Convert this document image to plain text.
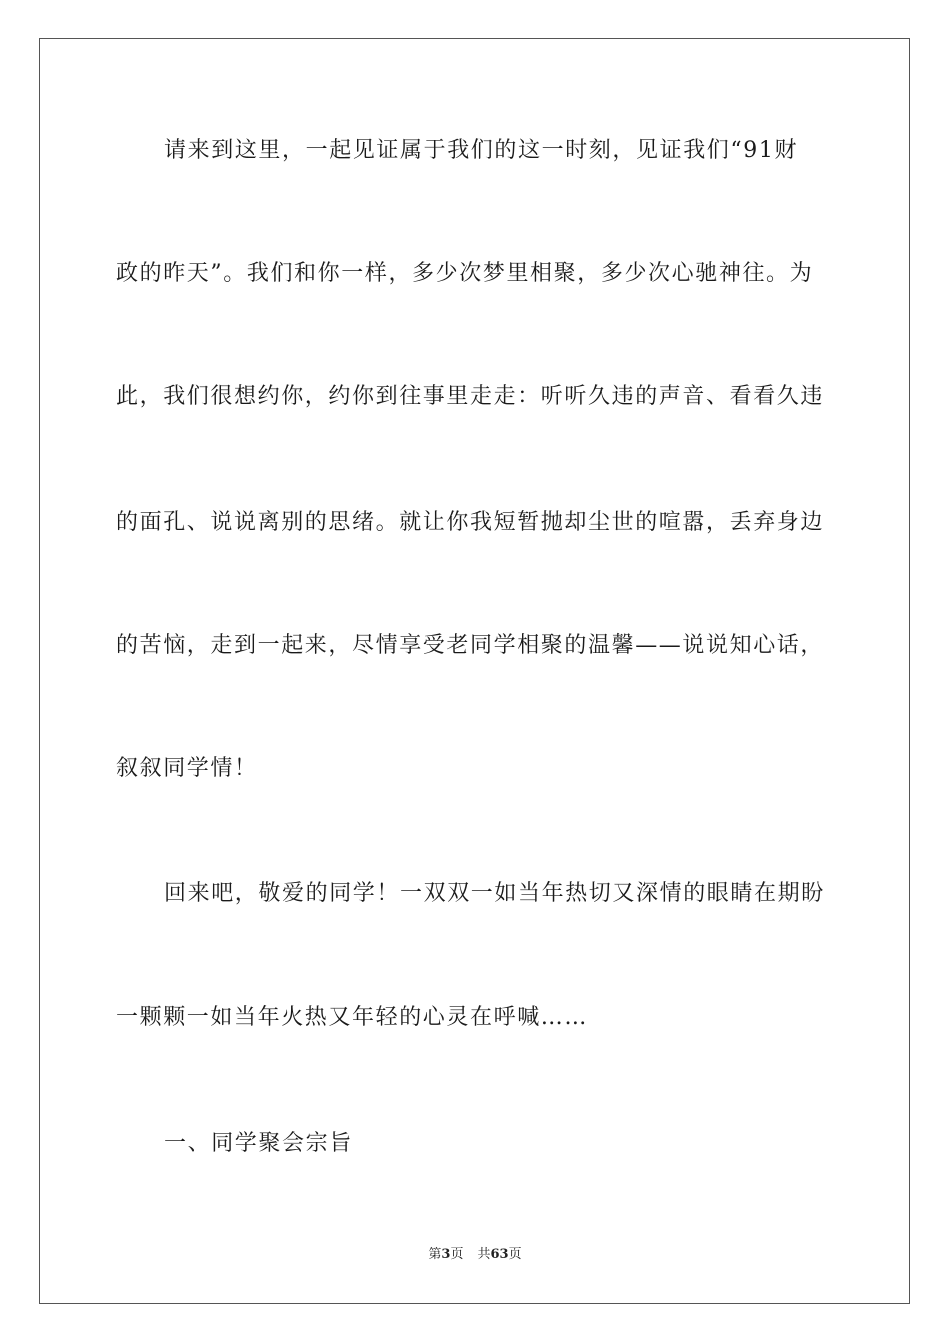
请来到这里，一起见证属于我们的这一时刻，见证我们“91财
政的昨天”。我们和你一样，多少次梦里相聚，多少次心驰神往。为
此，我们很想约你，约你到往事里走走：听听久违的声音、看看久违
的面孔、说说离别的思绪。就让你我短暂抛却尘世的喧嚣，丢弃身边
的苦恼，走到一起来，尽情享受老同学相聚的温馨——说说知心话，
叙叙同学情！
回来吧，敬爱的同学！一双双一如当年热切又深情的眼睛在期盼
一颗颗一如当年火热又年轻的心灵在呼喊……
一、同学聚会宗旨
第3页 共63页
